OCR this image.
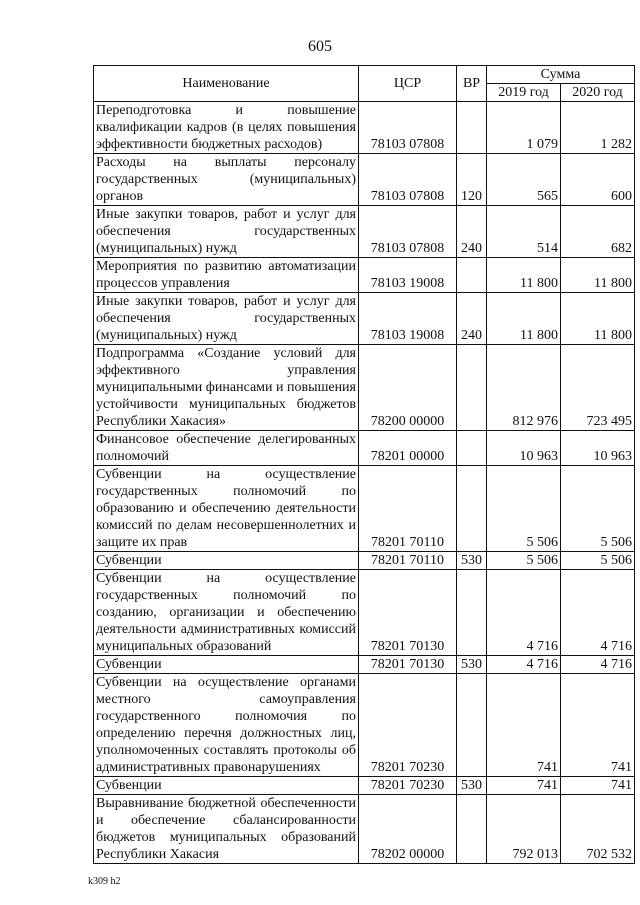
605
Наименование	ЦСР	ВР	Сумма	
			2019 год	2020 год
Переподготовка и повышение квалификации кадров (в целях повышения эффективности бюджетных расходов)	78103 07808		1 079	1 282
Расходы на выплаты персоналу государственных (муниципальных) органов	78103 07808	120	565	600
Иные закупки товаров, работ и услуг для обеспечения государственных (муниципальных) нужд	78103 07808	240	514	682
Мероприятия по развитию автоматизации процессов управления	78103 19008		11 800	11 800
Иные закупки товаров, работ и услуг для обеспечения государственных (муниципальных) нужд	78103 19008	240	11 800	11 800
Подпрограмма «Создание условий для эффективного управления муниципальными финансами и повышения устойчивости муниципальных бюджетов Республики Хакасия»	78200 00000		812 976	723 495
Финансовое обеспечение делегированных полномочий	78201 00000		10 963	10 963
Субвенции на осуществление государственных полномочий по образованию и обеспечению деятельности комиссий по делам несовершеннолетних и защите их прав	78201 70110		5 506	5 506
Субвенции	78201 70110	530	5 506	5 506
Субвенции на осуществление государственных полномочий по созданию, организации и обеспечению деятельности административных комиссий муниципальных образований	78201 70130		4 716	4 716
Субвенции	78201 70130	530	4 716	4 716
Субвенции на осуществление органами местного самоуправления государственного полномочия по определению перечня должностных лиц, уполномоченных составлять протоколы об административных правонарушениях	78201 70230		741	741
Субвенции	78201 70230	530	741	741
Выравнивание бюджетной обеспеченности и обеспечение сбалансированности бюджетов муниципальных образований Республики Хакасия	78202 00000		792 013	702 532
k309 h2
